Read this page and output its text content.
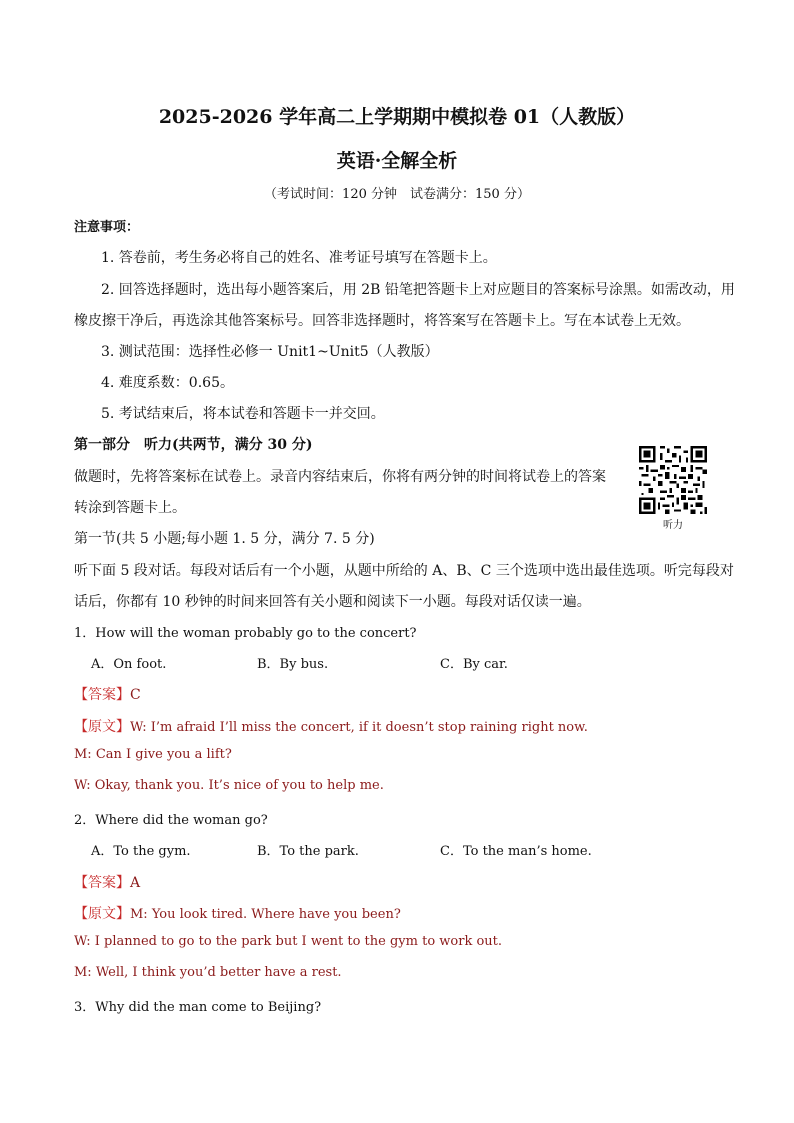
2025-2026 学年高二上学期期中模拟卷 01（人教版）
英语·全解全析
（考试时间：120 分钟　试卷满分：150 分）
注意事项：
1. 答卷前，考生务必将自己的姓名、准考证号填写在答题卡上。
2. 回答选择题时，选出每小题答案后，用 2B 铅笔把答题卡上对应题目的答案标号涂黑。如需改动，用
橡皮擦干净后，再选涂其他答案标号。回答非选择题时，将答案写在答题卡上。写在本试卷上无效。
3. 测试范围：选择性必修一 Unit1~Unit5（人教版）
4. 难度系数：0.65。
5. 考试结束后，将本试卷和答题卡一并交回。
第一部分　听力(共两节，满分 30 分)
做题时，先将答案标在试卷上。录音内容结束后，你将有两分钟的时间将试卷上的答案
转涂到答题卡上。
听力
第一节(共 5 小题;每小题 1. 5 分，满分 7. 5 分)
听下面 5 段对话。每段对话后有一个小题，从题中所给的 A、B、C 三个选项中选出最佳选项。听完每段对
话后，你都有 10 秒钟的时间来回答有关小题和阅读下一小题。每段对话仅读一遍。
1．How will the woman probably go to the concert?
A．On foot.	B．By bus.	C．By car.
【答案】C
【原文】W: I’m afraid I’ll miss the concert, if it doesn’t stop raining right now.
M: Can I give you a lift?
W: Okay, thank you. It’s nice of you to help me.
2．Where did the woman go?
A．To the gym.	B．To the park.	C．To the man’s home.
【答案】A
【原文】M: You look tired. Where have you been?
W: I planned to go to the park but I went to the gym to work out.
M: Well, I think you’d better have a rest.
3．Why did the man come to Beijing?
